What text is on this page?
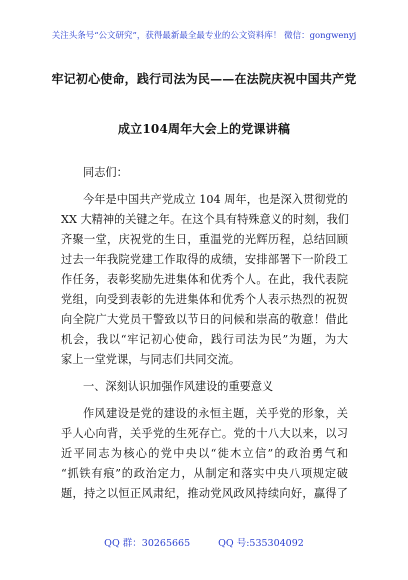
关注头条号“公文研究”，获得最新最全最专业的公文资料库！ 微信：gongwenyj
牢记初心使命，践行司法为民——在法院庆祝中国共产党
成立104周年大会上的党课讲稿
同志们：
今年是中国共产党成立 104 周年，也是深入贯彻党的
XX 大精神的关键之年。在这个具有特殊意义的时刻，我们
齐聚一堂，庆祝党的生日，重温党的光辉历程，总结回顾
过去一年我院党建工作取得的成绩，安排部署下一阶段工
作任务，表彰奖励先进集体和优秀个人。在此，我代表院
党组，向受到表彰的先进集体和优秀个人表示热烈的祝贺
向全院广大党员干警致以节日的问候和崇高的敬意！借此
机会，我以“牢记初心使命，践行司法为民”为题，为大
家上一堂党课，与同志们共同交流。
一、深刻认识加强作风建设的重要意义
作风建设是党的建设的永恒主题，关乎党的形象，关
乎人心向背，关乎党的生死存亡。党的十八大以来，以习
近平同志为核心的党中央以“徙木立信”的政治勇气和
“抓铁有痕”的政治定力，从制定和落实中央八项规定破
题，持之以恒正风肃纪，推动党风政风持续向好，赢得了
QQ 群：30265665	QQ 号:535304092
